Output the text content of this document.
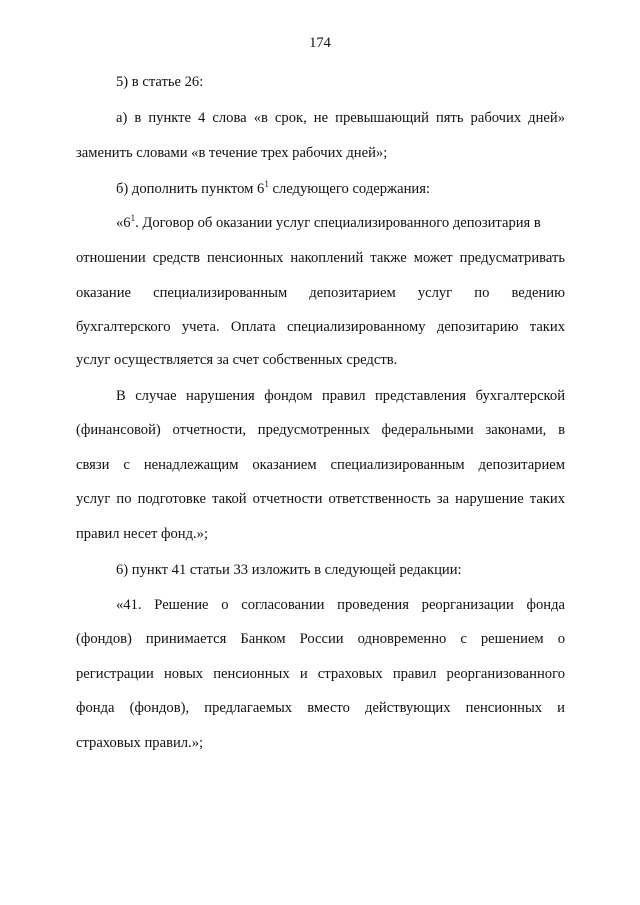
174
5) в статье 26:
а) в пункте 4 слова «в срок, не превышающий пять рабочих дней»
заменить словами «в течение трех рабочих дней»;
б) дополнить пунктом $6^1$ следующего содержания:
«$6^1$. Договор об оказании услуг специализированного депозитария в
отношении средств пенсионных накоплений также может предусматривать
оказание специализированным депозитарием услуг по ведению
бухгалтерского учета. Оплата специализированному депозитарию таких
услуг осуществляется за счет собственных средств.
В случае нарушения фондом правил представления бухгалтерской
(финансовой) отчетности, предусмотренных федеральными законами, в
связи с ненадлежащим оказанием специализированным депозитарием
услуг по подготовке такой отчетности ответственность за нарушение таких
правил несет фонд.»;
6) пункт 41 статьи 33 изложить в следующей редакции:
«41. Решение о согласовании проведения реорганизации фонда
(фондов) принимается Банком России одновременно с решением о
регистрации новых пенсионных и страховых правил реорганизованного
фонда (фондов), предлагаемых вместо действующих пенсионных и
страховых правил.»;
